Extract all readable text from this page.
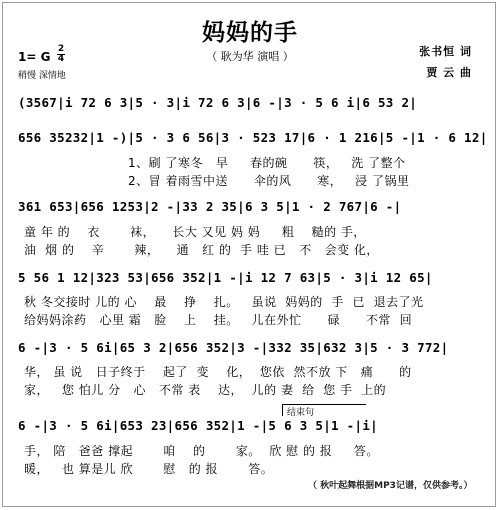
妈妈的手
（ 耿为华 演唱 ）	张书恒 词
贾 云 曲
1= G
2
4
稍慢 深情地
(3567|i 72 6 3|5 · 3|i 72 6 3|6 -|3 · 5 6 i|6 53 2|
656 35232|1 -)|5 · 3 6 56|3 · 523 17|6 · 1 216|5 -|1 · 6 12|
1、刷 了寒冬   早     春的碗      筷，   洗 了整个
2、冒 着雨雪中送      伞的风      寒，   浸 了锅里
361 653|656 1253|2 -|33 2 35|6 3 5|1 · 2 767|6 -|
童 年 的    衣       袜，    长大 又见 妈 妈     粗    糙的 手，
油  烟 的    辛       辣，    通   红 的  手 哇 已   不   会变 化，
5 56 1 12|323 53|656 352|1 -|i 12 7 63|5 · 3|i 12 65|
秋 冬交接时 儿的 心    最    挣    扎。   虽说  妈妈的  手  已  退去了光
给妈妈涂药   心里 霜   脸    上    挂。   儿在外忙      碌      不常  回
6 -|3 · 5 6i|65 3 2|656 352|3 -|332 35|632 3|5 · 3 772|
华， 虽 说   日子终于    起了  变    化，  您依  然不放 下   痛      的
家，   您 怕儿 分   心   不常 表    达，  儿的 妻  给  您 手  上的
结束句
6 -|3 · 5 6i|653 23|656 352|1 -|5 6 3 5|1 -|i|
手， 陪   爸爸 撑起       咱    的       家。  欣 慰 的 报     答。
暖，   也 算是儿 欣       慰   的 报       答。
（ 秋叶起舞根据MP3记谱，仅供参考。）
